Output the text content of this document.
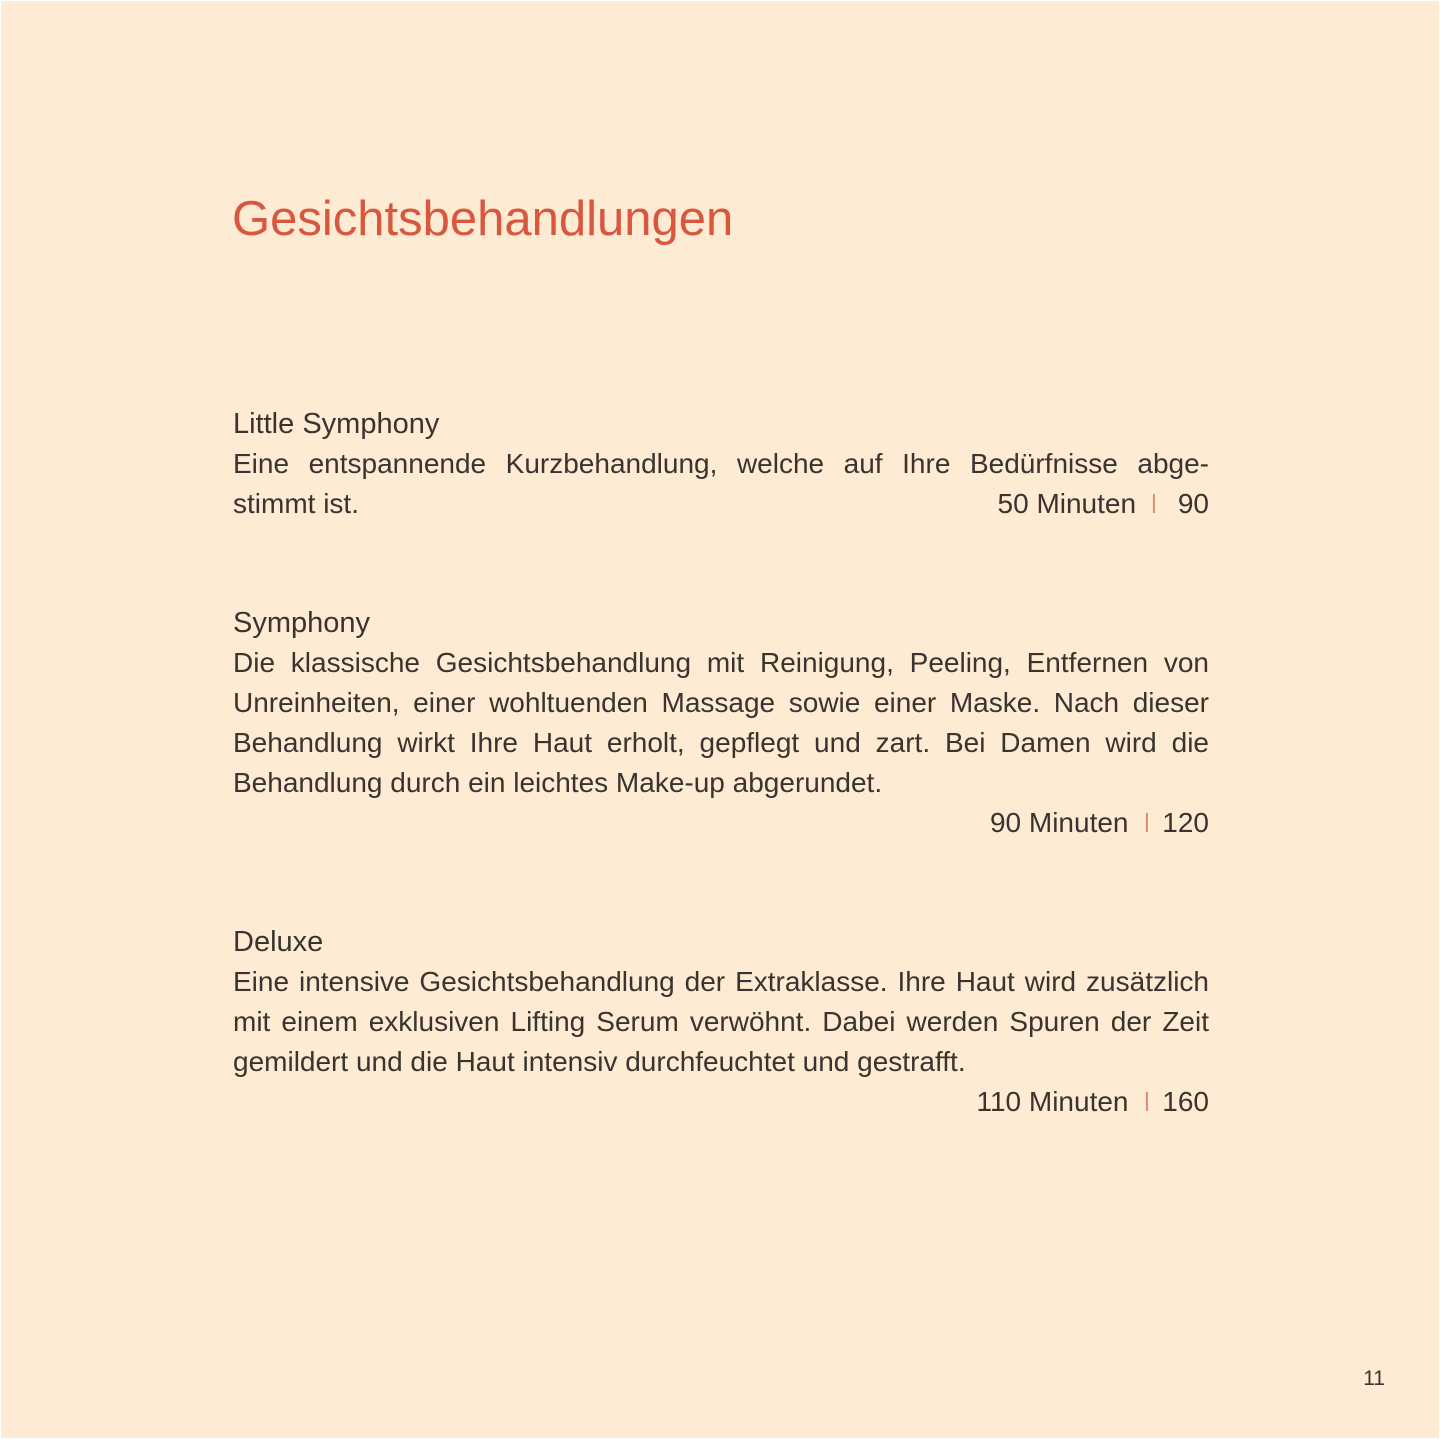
Gesichtsbehandlungen
Little Symphony

Eine entspannende Kurzbehandlung, welche auf Ihre Bedürfnisse abge-

stimmt ist.	50 Minuten I 90
Symphony

Die klassische Gesichtsbehandlung mit Reinigung, Peeling, Entfernen von Unreinheiten, einer wohltuenden Massage sowie einer Maske. Nach dieser Behandlung wirkt Ihre Haut erholt, gepflegt und zart. Bei Damen wird die Behandlung durch ein leichtes Make-up abgerundet.

90 Minuten I 120
Deluxe

Eine intensive Gesichtsbehandlung der Extraklasse. Ihre Haut wird zusätzlich mit einem exklusiven Lifting Serum verwöhnt. Dabei werden Spuren der Zeit gemildert und die Haut intensiv durchfeuchtet und gestrafft.

110 Minuten I 160
11
